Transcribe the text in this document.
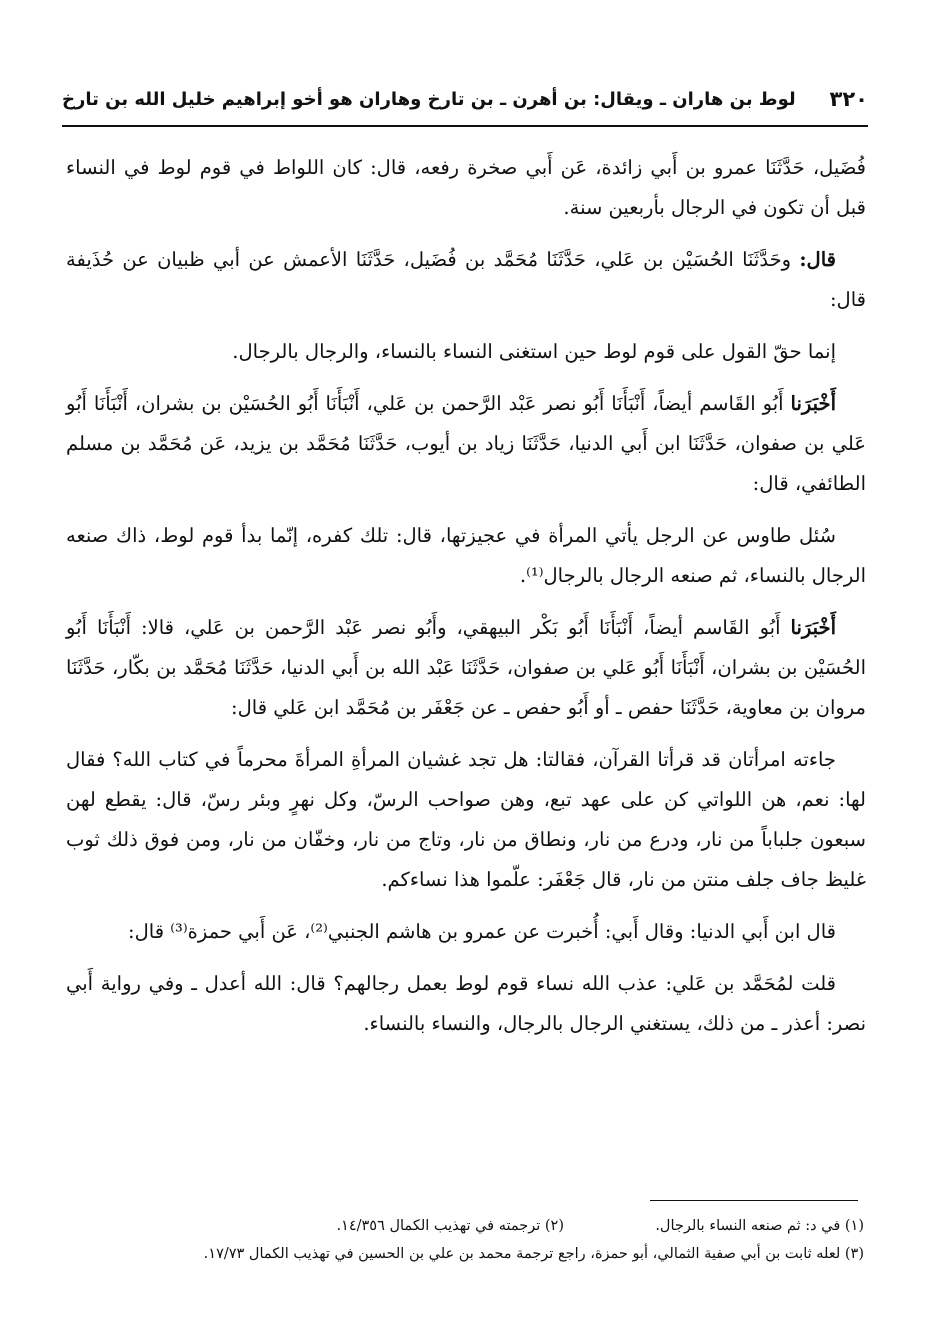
٣٢٠
لوط بن هاران ـ ويقال: بن أهرن ـ بن تارخ وهاران هو أخو إبراهيم خليل الله بن تارخ

فُضَيل، حَدَّثَنَا عمرو بن أَبي زائدة، عَن أَبي صخرة رفعه، قال: كان اللواط في قوم لوط في النساء قبل أن تكون في الرجال بأربعين سنة.

قال: وحَدَّثَنَا الحُسَيْن بن عَلي، حَدَّثَنَا مُحَمَّد بن فُضَيل، حَدَّثَنَا الأعمش عن أبي ظبيان عن حُذَيفة قال:

إنما حقّ القول على قوم لوط حين استغنى النساء بالنساء، والرجال بالرجال.

أَخْبَرَنا أَبُو القَاسم أيضاً، أَنْبَأَنَا أَبُو نصر عَبْد الرَّحمن بن عَلي، أَنْبَأَنَا أَبُو الحُسَيْن بن بشران، أَنْبَأَنَا أَبُو عَلي بن صفوان، حَدَّثَنَا ابن أَبي الدنيا، حَدَّثَنَا زياد بن أيوب، حَدَّثَنَا مُحَمَّد بن يزيد، عَن مُحَمَّد بن مسلم الطائفي، قال:

سُئل طاوس عن الرجل يأتي المرأة في عجيزتها، قال: تلك كفره، إنّما بدأ قوم لوط، ذاك صنعه الرجال بالنساء، ثم صنعه الرجال بالرجال⁽¹⁾.

أَخْبَرَنا أَبُو القَاسم أيضاً، أَنْبَأَنَا أَبُو بَكْر البيهقي، وأَبُو نصر عَبْد الرَّحمن بن عَلي، قالا: أَنْبَأَنَا أَبُو الحُسَيْن بن بشران، أَنْبَأَنَا أَبُو عَلي بن صفوان، حَدَّثَنَا عَبْد الله بن أَبي الدنيا، حَدَّثَنَا مُحَمَّد بن بكّار، حَدَّثَنَا مروان بن معاوية، حَدَّثَنَا حفص ـ أو أَبُو حفص ـ عن جَعْفَر بن مُحَمَّد ابن عَلي قال:

جاءته امرأتان قد قرأتا القرآن، فقالتا: هل تجد غشيان المرأةِ المرأةَ محرماً في كتاب الله؟ فقال لها: نعم، هن اللواتي كن على عهد تبع، وهن صواحب الرسّ، وكل نهرٍ وبئر رسّ، قال: يقطع لهن سبعون جلباباً من نار، ودرع من نار، ونطاق من نار، وتاج من نار، وخفّان من نار، ومن فوق ذلك ثوب غليظ جاف جلف منتن من نار، قال جَعْفَر: علّموا هذا نساءكم.

قال ابن أَبي الدنيا: وقال أَبي: أُخبرت عن عمرو بن هاشم الجنبي⁽²⁾، عَن أَبي حمزة⁽³⁾ قال:

قلت لمُحَمَّد بن عَلي: عذب الله نساء قوم لوط بعمل رجالهم؟ قال: الله أعدل ـ وفي رواية أَبي نصر: أعذر ـ من ذلك، يستغني الرجال بالرجال، والنساء بالنساء.

(١) في د: ثم صنعه النساء بالرجال.
(٢) ترجمته في تهذيب الكمال ١٤/٣٥٦.
(٣) لعله ثابت بن أبي صفية الثمالي، أبو حمزة، راجع ترجمة محمد بن علي بن الحسين في تهذيب الكمال ١٧/٧٣.
